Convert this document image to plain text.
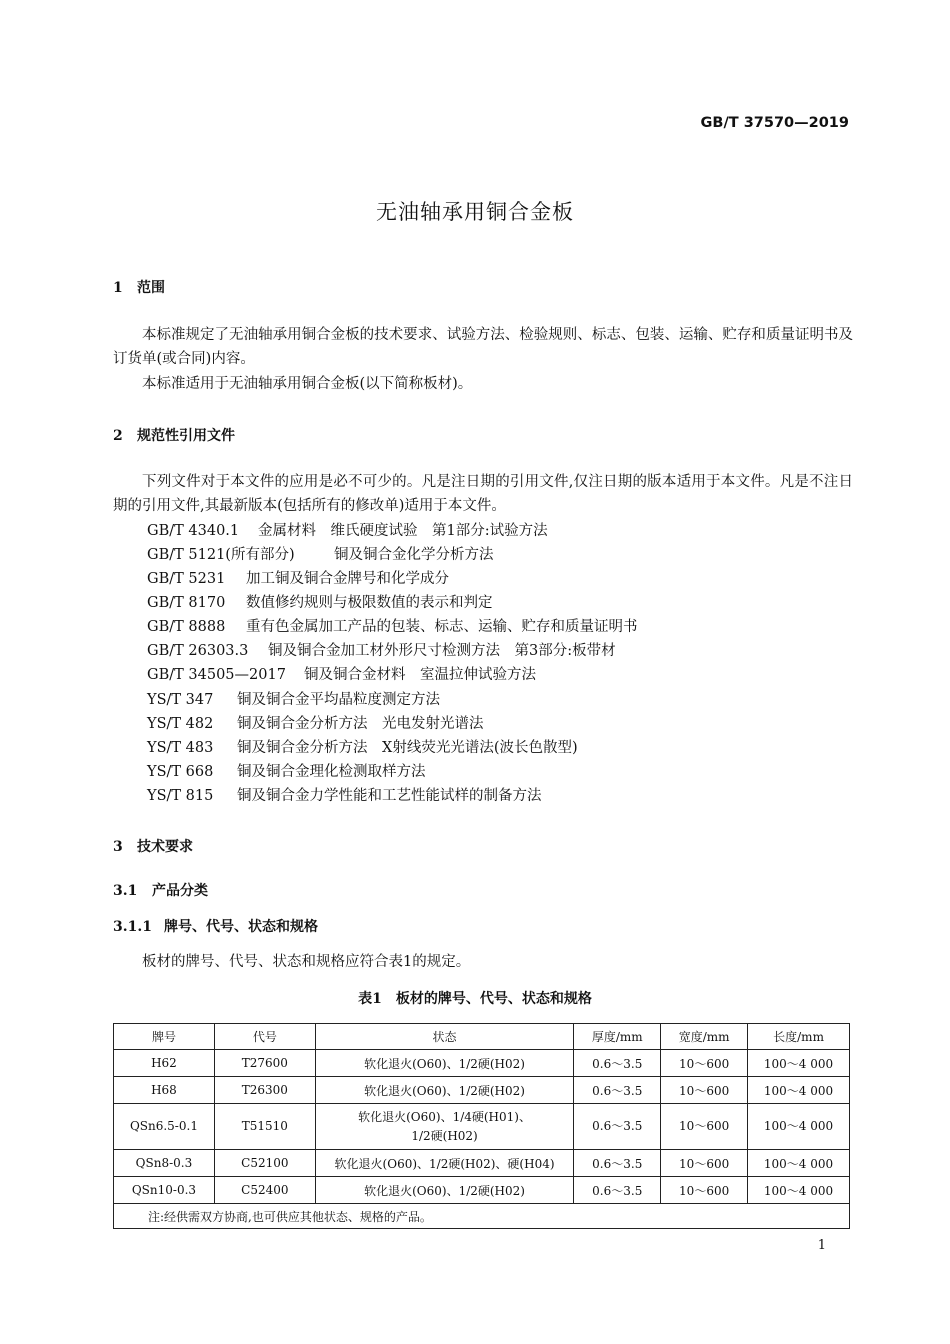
GB/T 37570—2019
无油轴承用铜合金板
1 范围
本标准规定了无油轴承用铜合金板的技术要求、试验方法、检验规则、标志、包装、运输、贮存和质量证明书及订货单(或合同)内容。
本标准适用于无油轴承用铜合金板(以下简称板材)。
2 规范性引用文件
下列文件对于本文件的应用是必不可少的。凡是注日期的引用文件,仅注日期的版本适用于本文件。凡是不注日期的引用文件,其最新版本(包括所有的修改单)适用于本文件。
GB/T 4340.1 金属材料　维氏硬度试验　第1部分:试验方法
GB/T 5121(所有部分)	铜及铜合金化学分析方法
GB/T 5231 加工铜及铜合金牌号和化学成分
GB/T 8170 数值修约规则与极限数值的表示和判定
GB/T 8888 重有色金属加工产品的包装、标志、运输、贮存和质量证明书
GB/T 26303.3 铜及铜合金加工材外形尺寸检测方法　第3部分:板带材
GB/T 34505—2017 铜及铜合金材料　室温拉伸试验方法
YS/T 347 铜及铜合金平均晶粒度测定方法
YS/T 482 铜及铜合金分析方法　光电发射光谱法
YS/T 483 铜及铜合金分析方法　X射线荧光光谱法(波长色散型)
YS/T 668 铜及铜合金理化检测取样方法
YS/T 815 铜及铜合金力学性能和工艺性能试样的制备方法
3 技术要求
3.1 产品分类
3.1.1 牌号、代号、状态和规格
板材的牌号、代号、状态和规格应符合表1的规定。
表1　板材的牌号、代号、状态和规格
牌号	代号	状态	厚度/mm	宽度/mm	长度/mm
H62	T27600	软化退火(O60)、1/2硬(H02)	0.6～3.5	10～600	100～4 000
H68	T26300	软化退火(O60)、1/2硬(H02)	0.6～3.5	10～600	100～4 000
QSn6.5-0.1	T51510	软化退火(O60)、1/4硬(H01)、
1/2硬(H02)	0.6～3.5	10～600	100～4 000
QSn8-0.3	C52100	软化退火(O60)、1/2硬(H02)、硬(H04)	0.6～3.5	10～600	100～4 000
QSn10-0.3	C52400	软化退火(O60)、1/2硬(H02)	0.6～3.5	10～600	100～4 000
注:经供需双方协商,也可供应其他状态、规格的产品。					
1
